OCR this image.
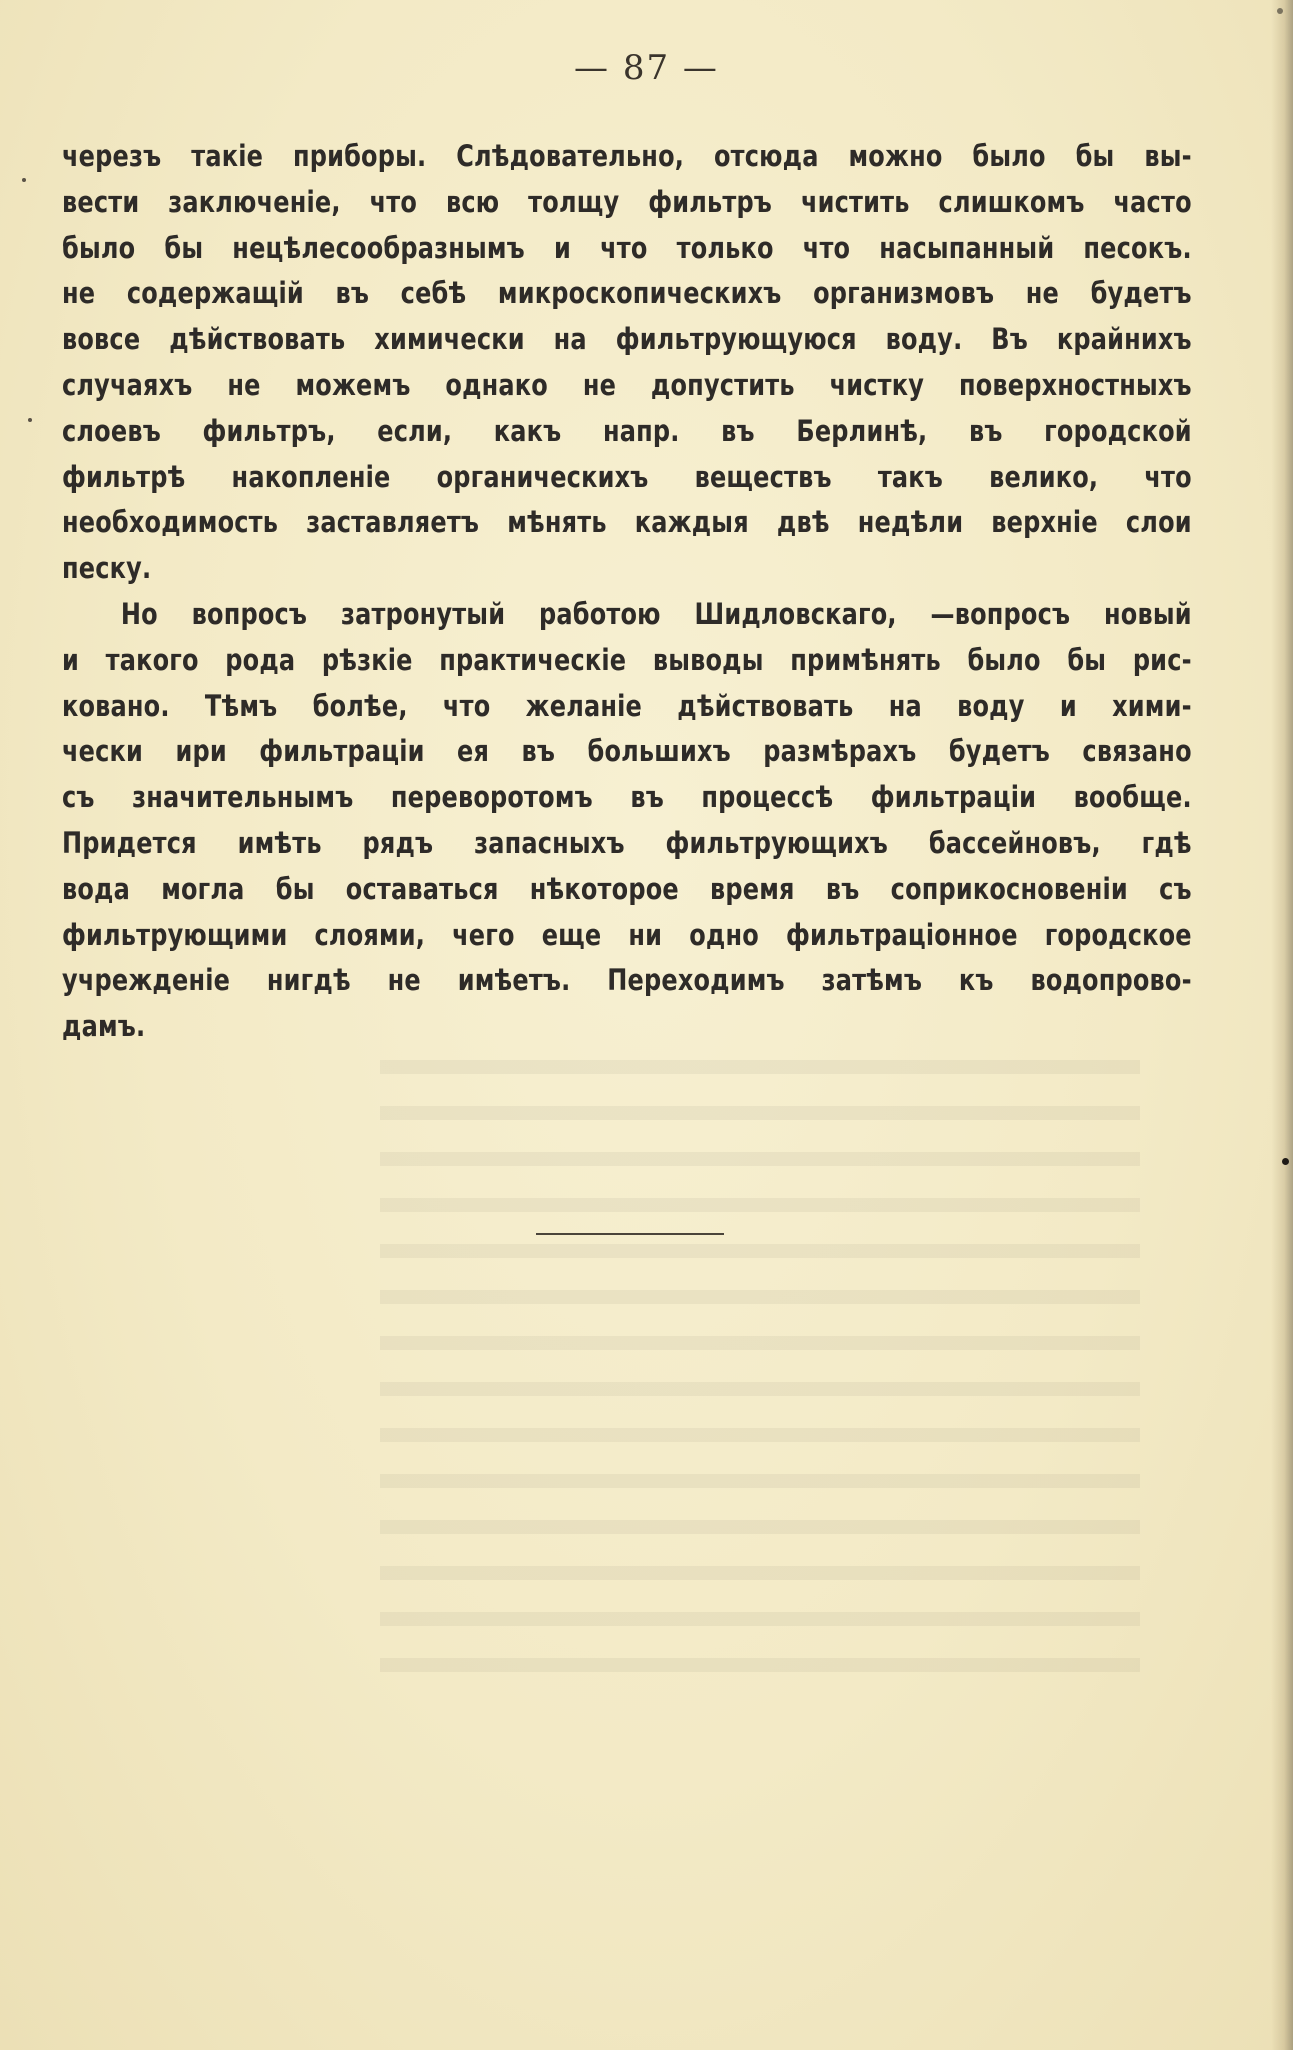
— 87 —
черезъ такіе приборы. Слѣдовательно, отсюда можно было бы вы-
вести заключеніе, что всю толщу фильтръ чистить слишкомъ часто
было бы нецѣлесообразнымъ и что только что насыпанный песокъ.
не содержащій въ себѣ микроскопическихъ организмовъ не будетъ
вовсе дѣйствовать химически на фильтрующуюся воду. Въ крайнихъ
случаяхъ не можемъ однако не допустить чистку поверхностныхъ
слоевъ фильтръ, если, какъ напр. въ Берлинѣ, въ городской
фильтрѣ накопленіе органическихъ веществъ такъ велико, что
необходимость заставляетъ мѣнять каждыя двѣ недѣли верхніе слои
песку.
Но вопросъ затронутый работою Шидловскаго, —вопросъ новый
и такого рода рѣзкіе практическіе выводы примѣнять было бы рис-
ковано. Тѣмъ болѣе, что желаніе дѣйствовать на воду и хими-
чески ири фильтраціи ея въ большихъ размѣрахъ будетъ связано
съ значительнымъ переворотомъ въ процессѣ фильтраціи вообще.
Придется имѣть рядъ запасныхъ фильтрующихъ бассейновъ, гдѣ
вода могла бы оставаться нѣкоторое время въ соприкосновеніи съ
фильтрующими слоями, чего еще ни одно фильтраціонное городское
учрежденіе нигдѣ не имѣетъ. Переходимъ затѣмъ къ водопрово-
дамъ.
